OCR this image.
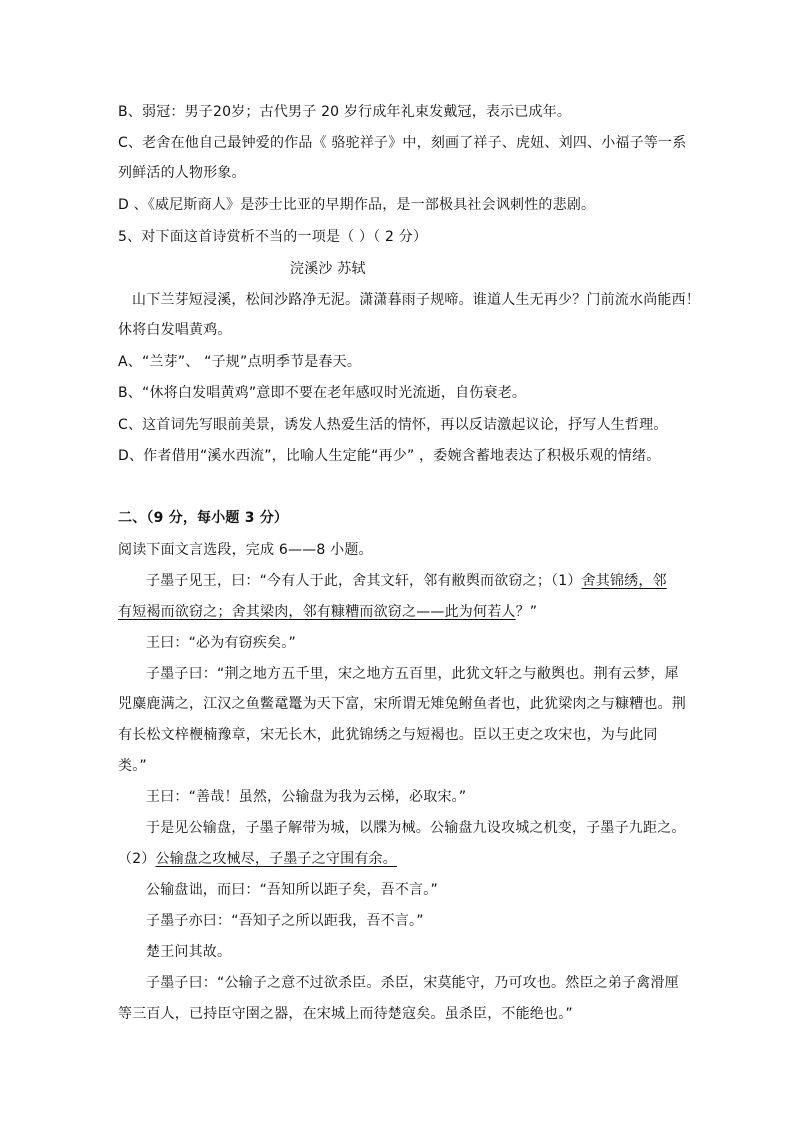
B、弱冠：男子20岁；古代男子 20 岁行成年礼束发戴冠，表示已成年。
C、老舍在他自己最钟爱的作品《 骆驼祥子》中，刻画了祥子、虎妞、刘四、小福子等一系
列鲜活的人物形象。
D 、《威尼斯商人》是莎士比亚的早期作品，是一部极具社会讽刺性的悲剧。
5、对下面这首诗赏析不当的一项是（ ）（ 2 分）
浣溪沙 苏轼
山下兰芽短浸溪，松间沙路净无泥。潇潇暮雨子规啼。谁道人生无再少？门前流水尚能西！
休将白发唱黄鸡。
A、“兰芽”、 “子规”点明季节是春天。
B、“休将白发唱黄鸡”意即不要在老年感叹时光流逝，自伤衰老。
C、这首词先写眼前美景，诱发人热爱生活的情怀，再以反诘激起议论，抒写人生哲理。
D、作者借用“溪水西流”，比喻人生定能“再少” ，委婉含蓄地表达了积极乐观的情绪。
二、（9 分，每小题 3 分）
阅读下面文言选段，完成 6——8 小题。
子墨子见王，曰：“今有人于此，舍其文轩，邻有敝舆而欲窃之；（1）舍其锦绣，邻
有短褐而欲窃之；舍其梁肉，邻有糠糟而欲窃之——此为何若人？”
王曰：“必为有窃疾矣。”
子墨子曰：“荆之地方五千里，宋之地方五百里，此犹文轩之与敝舆也。荆有云梦，犀
兕麋鹿满之，江汉之鱼鳖鼋鼍为天下富，宋所谓无雉兔鲋鱼者也，此犹梁肉之与糠糟也。荆
有长松文梓楩楠豫章，宋无长木，此犹锦绣之与短褐也。臣以王吏之攻宋也，为与此同
类。”
王曰：“善哉！虽然，公输盘为我为云梯，必取宋。”
于是见公输盘，子墨子解带为城，以牒为械。公输盘九设攻城之机变，子墨子九距之。
（2）公输盘之攻械尽，子墨子之守围有余。
公输盘诎，而曰：“吾知所以距子矣，吾不言。”
子墨子亦曰：“吾知子之所以距我，吾不言。”
楚王问其故。
子墨子曰：“公输子之意不过欲杀臣。杀臣，宋莫能守，乃可攻也。然臣之弟子禽滑厘
等三百人，已持臣守圉之器，在宋城上而待楚寇矣。虽杀臣，不能绝也。”
